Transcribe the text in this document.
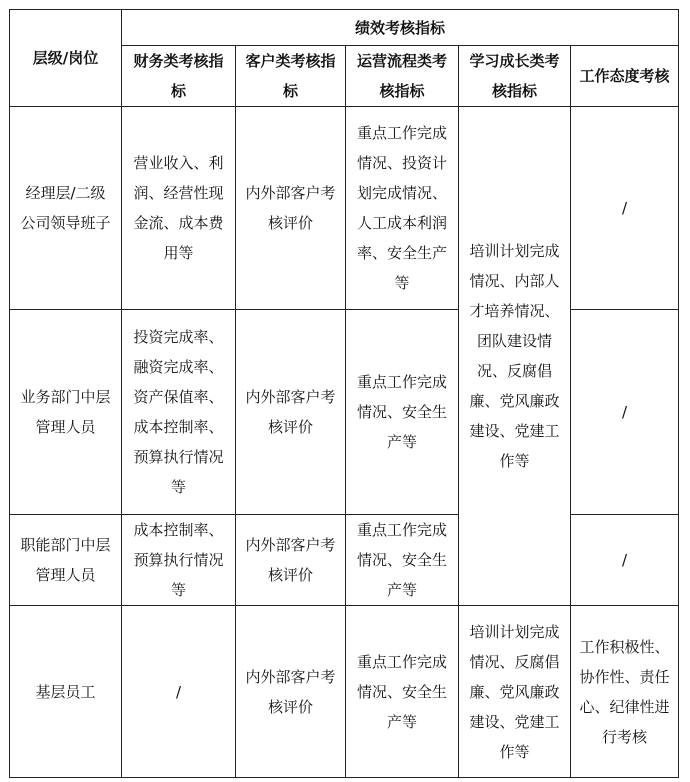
层级/岗位	绩效考核指标				
	财务类考核指标	客户类考核指标	运营流程类考核指标	学习成长类考核指标	工作态度考核
经理层/二级公司领导班子	营业收入、利润、经营性现金流、成本费用等	内外部客户考核评价	重点工作完成情况、投资计划完成情况、人工成本利润率、安全生产等	培训计划完成情况、内部人才培养情况、团队建设情况、反腐倡廉、党风廉政建设、党建工作等	/
业务部门中层管理人员	投资完成率、融资完成率、资产保值率、成本控制率、预算执行情况等	内外部客户考核评价	重点工作完成情况、安全生产等		/
职能部门中层管理人员	成本控制率、预算执行情况等	内外部客户考核评价	重点工作完成情况、安全生产等		/
基层员工	/	内外部客户考核评价	重点工作完成情况、安全生产等	培训计划完成情况、反腐倡廉、党风廉政建设、党建工作等	工作积极性、协作性、责任心、纪律性进行考核
